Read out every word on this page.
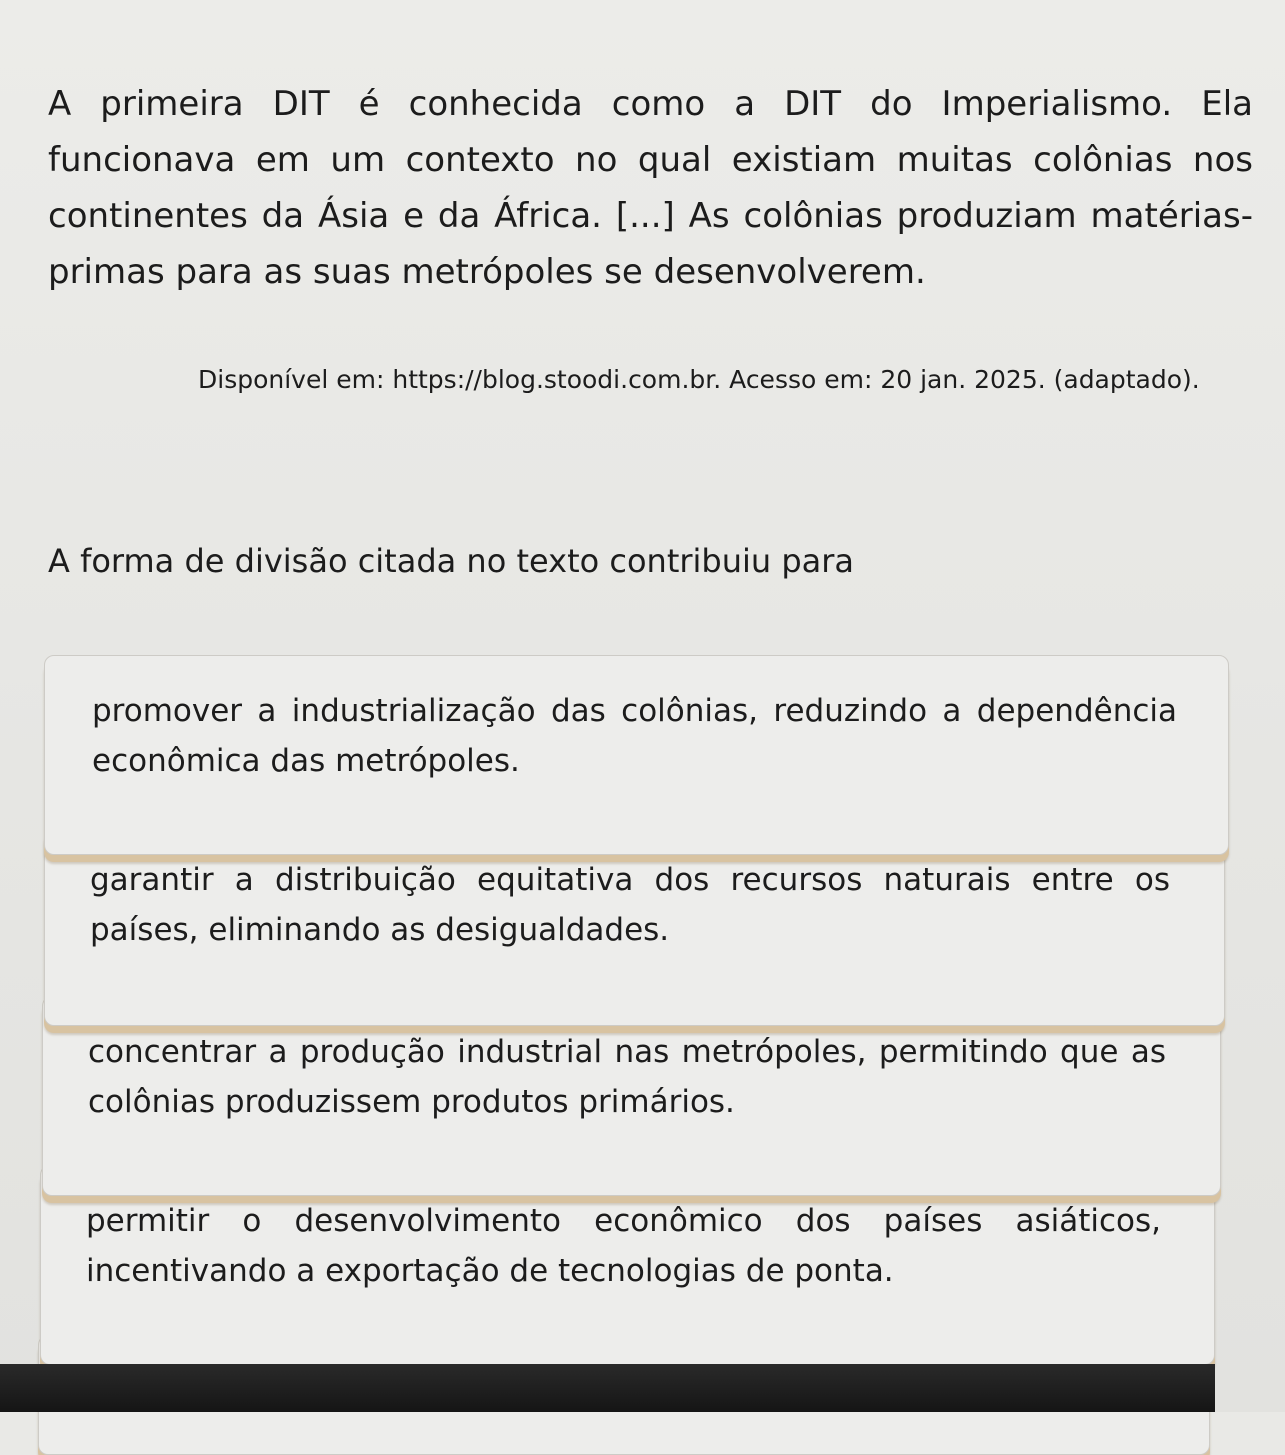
A primeira DIT é conhecida como a DIT do Imperialismo. Ela funcionava em um contexto no qual existiam muitas colônias nos continentes da Ásia e da África. [...] As colônias produziam matérias-primas para as suas metrópoles se desenvolverem.

Disponível em: https://blog.stoodi.com.br. Acesso em: 20 jan. 2025. (adaptado).

A forma de divisão citada no texto contribuiu para

promover a industrialização das colônias, reduzindo a dependência econômica das metrópoles.

garantir a distribuição equitativa dos recursos naturais entre os países, eliminando as desigualdades.

concentrar a produção industrial nas metrópoles, permitindo que as colônias produzissem produtos primários.

permitir o desenvolvimento econômico dos países asiáticos, incentivando a exportação de tecnologias de ponta.
